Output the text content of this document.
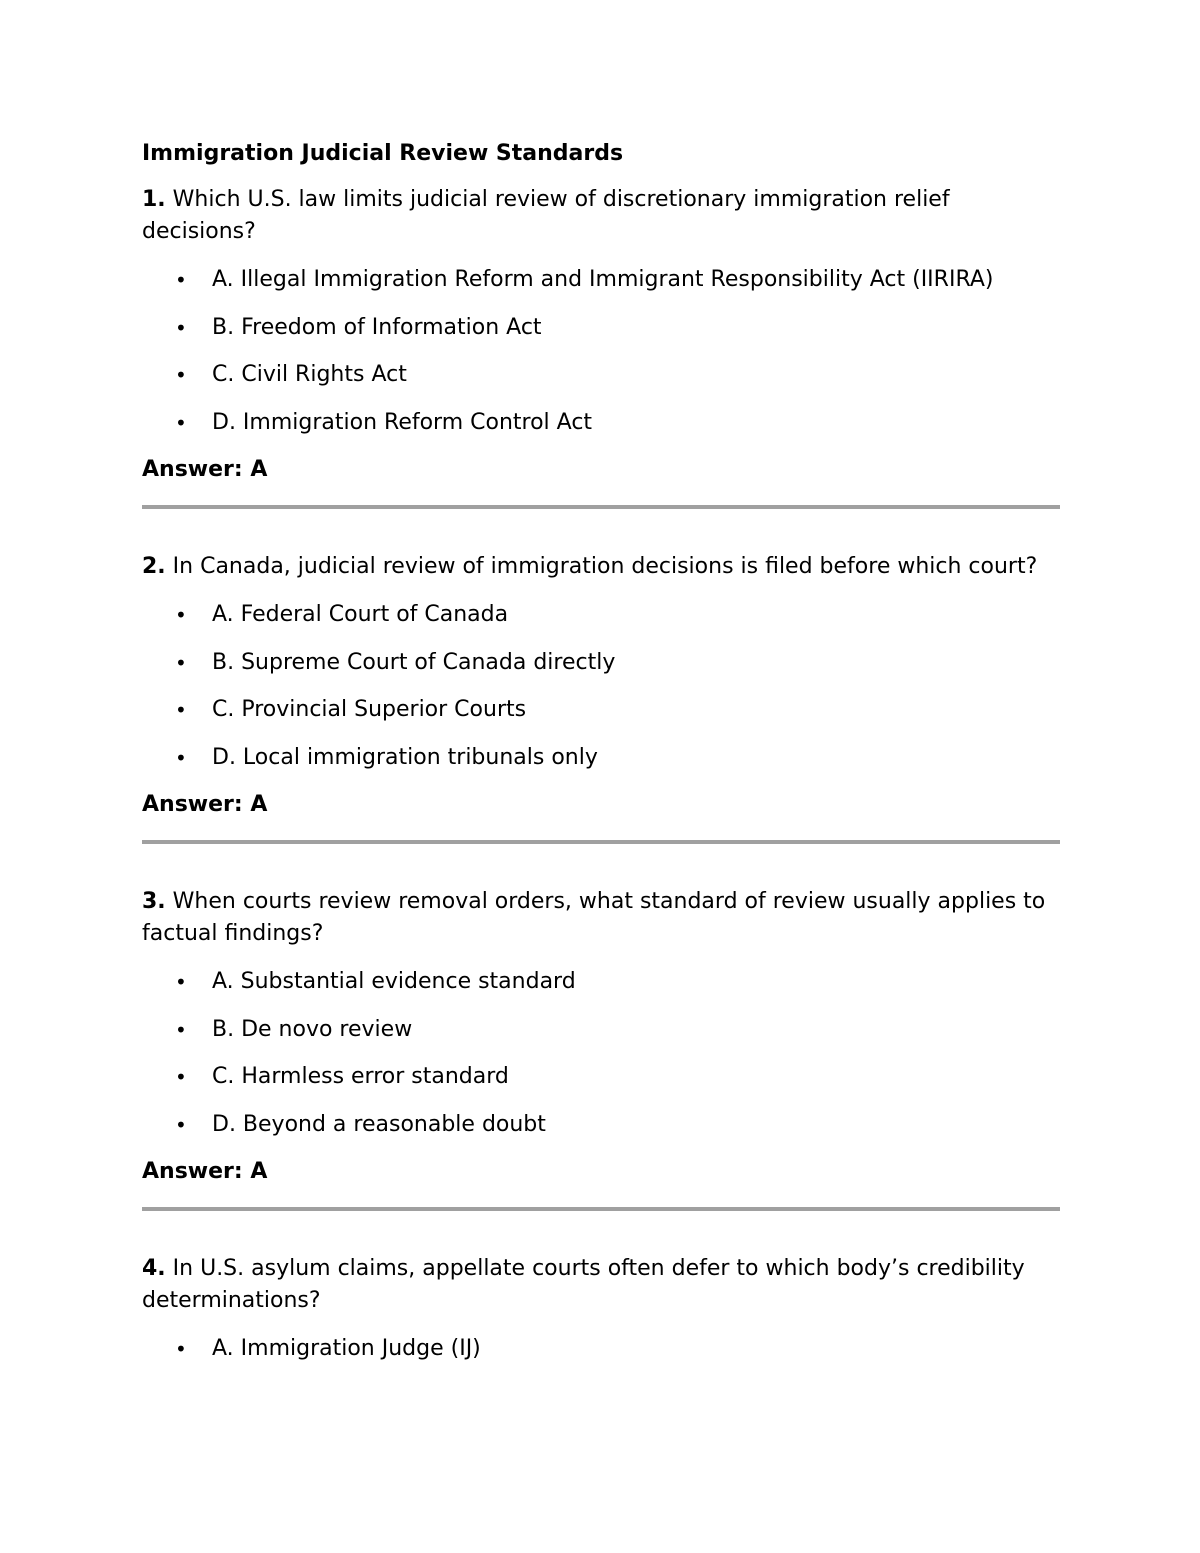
Immigration Judicial Review Standards

1. Which U.S. law limits judicial review of discretionary immigration relief decisions?

• A. Illegal Immigration Reform and Immigrant Responsibility Act (IIRIRA)
• B. Freedom of Information Act
• C. Civil Rights Act
• D. Immigration Reform Control Act

Answer: A

2. In Canada, judicial review of immigration decisions is filed before which court?

• A. Federal Court of Canada
• B. Supreme Court of Canada directly
• C. Provincial Superior Courts
• D. Local immigration tribunals only

Answer: A

3. When courts review removal orders, what standard of review usually applies to factual findings?

• A. Substantial evidence standard
• B. De novo review
• C. Harmless error standard
• D. Beyond a reasonable doubt

Answer: A

4. In U.S. asylum claims, appellate courts often defer to which body’s credibility determinations?

• A. Immigration Judge (IJ)
